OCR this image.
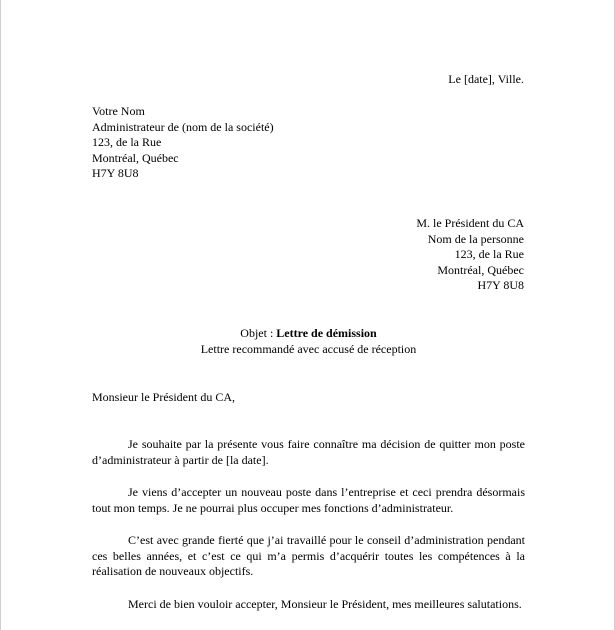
Le [date], Ville.
Votre Nom
Administrateur de (nom de la société)
123, de la Rue
Montréal, Québec
H7Y 8U8
M. le Président du CA
Nom de la personne
123, de la Rue
Montréal, Québec
H7Y 8U8
Objet : Lettre de démission
Lettre recommandé avec accusé de réception
Monsieur le Président du CA,

Je souhaite par la présente vous faire connaître ma décision de quitter mon poste d’administrateur à partir de [la date].

Je viens d’accepter un nouveau poste dans l’entreprise et ceci prendra désormais tout mon temps. Je ne pourrai plus occuper mes fonctions d’administrateur.

C’est avec grande fierté que j’ai travaillé pour le conseil d’administration pendant ces belles années, et c’est ce qui m’a permis d’acquérir toutes les compétences à la réalisation de nouveaux objectifs.

Merci de bien vouloir accepter, Monsieur le Président, mes meilleures salutations.
